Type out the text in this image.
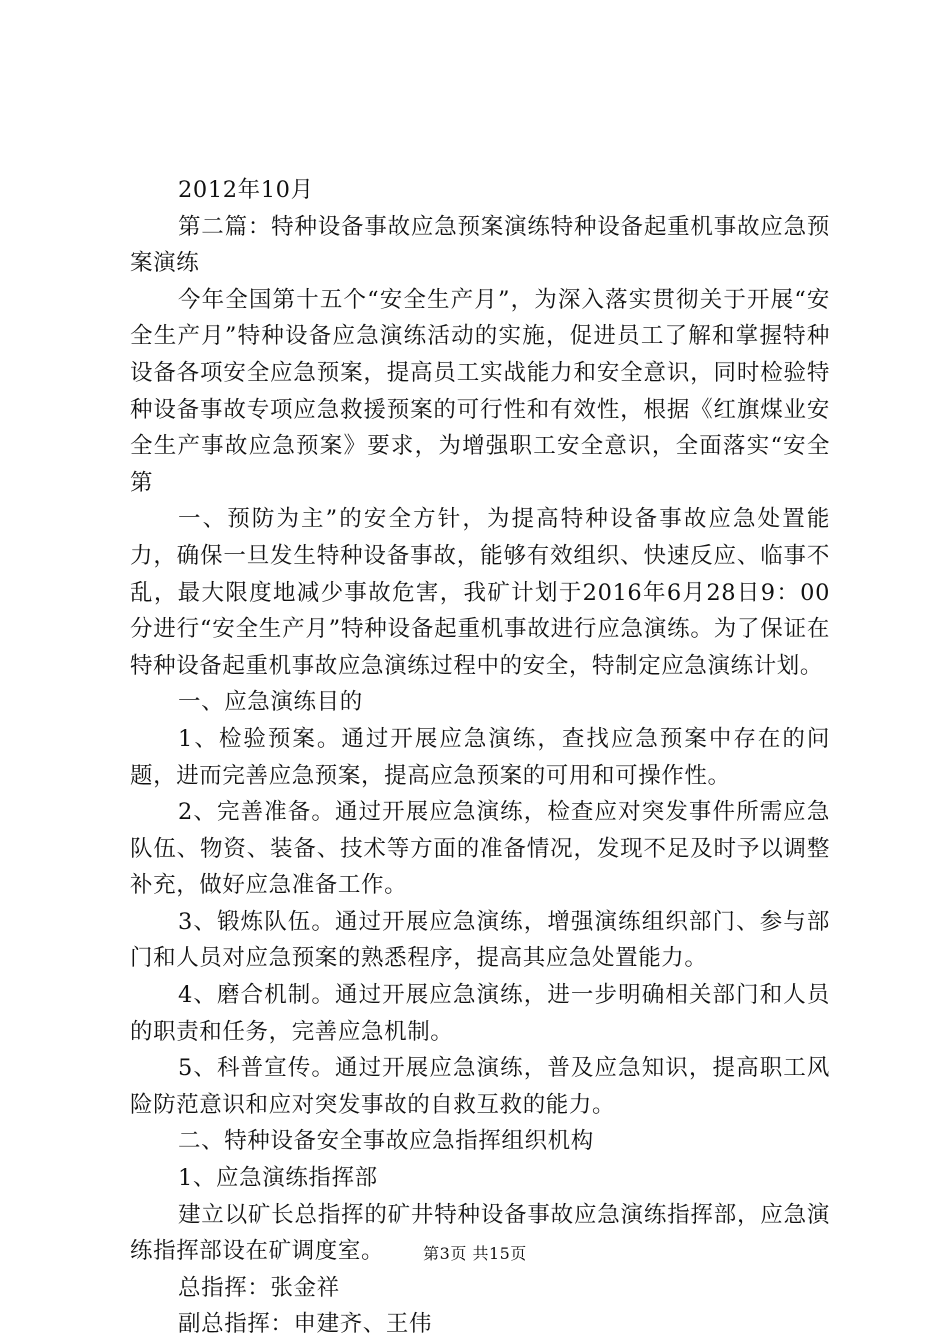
2012年10月

第二篇：特种设备事故应急预案演练特种设备起重机事故应急预案演练

今年全国第十五个“安全生产月”，为深入落实贯彻关于开展“安全生产月”特种设备应急演练活动的实施，促进员工了解和掌握特种设备各项安全应急预案，提高员工实战能力和安全意识，同时检验特种设备事故专项应急救援预案的可行性和有效性，根据《红旗煤业安全生产事故应急预案》要求，为增强职工安全意识，全面落实“安全第

一、预防为主”的安全方针，为提高特种设备事故应急处置能力，确保一旦发生特种设备事故，能够有效组织、快速反应、临事不乱，最大限度地减少事故危害，我矿计划于2016年6月28日9：00分进行“安全生产月”特种设备起重机事故进行应急演练。为了保证在特种设备起重机事故应急演练过程中的安全，特制定应急演练计划。

一、应急演练目的

1、检验预案。通过开展应急演练，查找应急预案中存在的问题，进而完善应急预案，提高应急预案的可用和可操作性。

2、完善准备。通过开展应急演练，检查应对突发事件所需应急队伍、物资、装备、技术等方面的准备情况，发现不足及时予以调整补充，做好应急准备工作。

3、锻炼队伍。通过开展应急演练，增强演练组织部门、参与部门和人员对应急预案的熟悉程序，提高其应急处置能力。

4、磨合机制。通过开展应急演练，进一步明确相关部门和人员的职责和任务，完善应急机制。

5、科普宣传。通过开展应急演练，普及应急知识，提高职工风险防范意识和应对突发事故的自救互救的能力。

二、特种设备安全事故应急指挥组织机构

1、应急演练指挥部

建立以矿长总指挥的矿井特种设备事故应急演练指挥部，应急演练指挥部设在矿调度室。

总指挥：张金祥

副总指挥：申建齐、王伟

第3页 共15页
